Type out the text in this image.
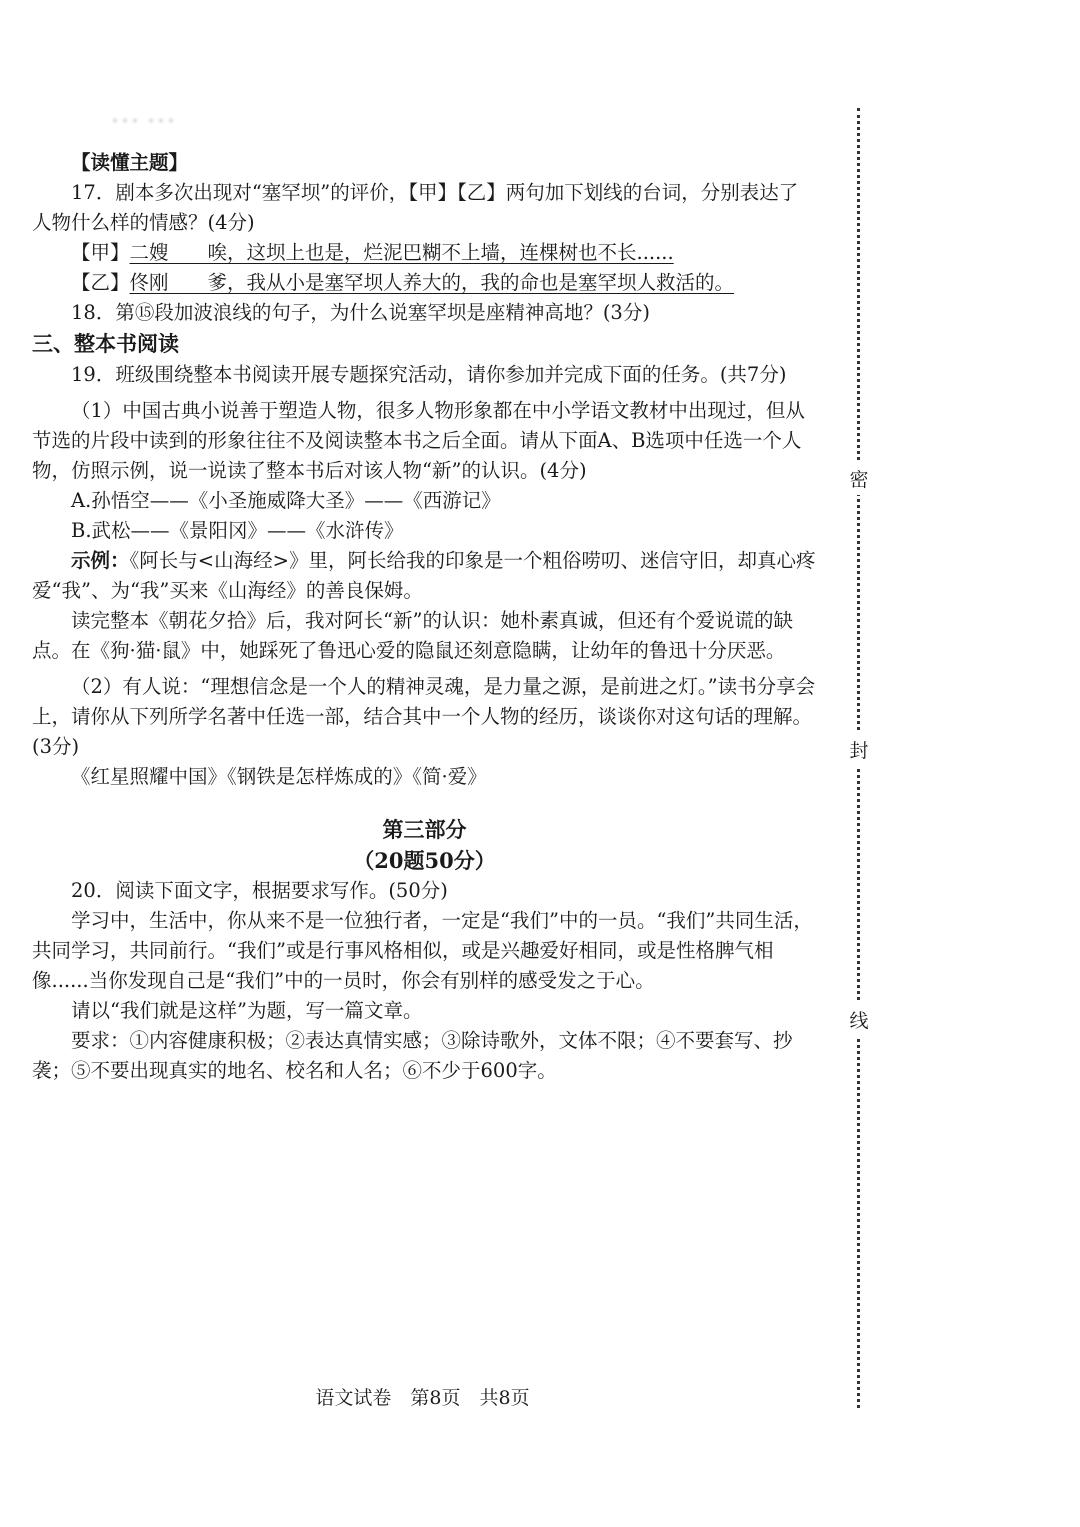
……

【读懂主题】

17．剧本多次出现对“塞罕坝”的评价，【甲】【乙】两句加下划线的台词，分别表达了人物什么样的情感？(4分)

【甲】二嫂　　唉，这坝上也是，烂泥巴糊不上墙，连棵树也不长......

【乙】佟刚　　爹，我从小是塞罕坝人养大的，我的命也是塞罕坝人救活的。

18．第⑮段加波浪线的句子，为什么说塞罕坝是座精神高地？(3分)

三、整本书阅读

19．班级围绕整本书阅读开展专题探究活动，请你参加并完成下面的任务。(共7分)

（1）中国古典小说善于塑造人物，很多人物形象都在中小学语文教材中出现过，但从节选的片段中读到的形象往往不及阅读整本书之后全面。请从下面A、B选项中任选一个人物，仿照示例，说一说读了整本书后对该人物“新”的认识。(4分)

A.孙悟空——《小圣施威降大圣》——《西游记》

B.武松——《景阳冈》——《水浒传》

示例：《阿长与<山海经>》里，阿长给我的印象是一个粗俗唠叨、迷信守旧，却真心疼爱“我”、为“我”买来《山海经》的善良保姆。

读完整本《朝花夕拾》后，我对阿长“新”的认识：她朴素真诚，但还有个爱说谎的缺点。在《狗·猫·鼠》中，她踩死了鲁迅心爱的隐鼠还刻意隐瞒，让幼年的鲁迅十分厌恶。

（2）有人说：“理想信念是一个人的精神灵魂，是力量之源，是前进之灯。”读书分享会上，请你从下列所学名著中任选一部，结合其中一个人物的经历，谈谈你对这句话的理解。(3分)

《红星照耀中国》《钢铁是怎样炼成的》《简·爱》

第三部分

（20题50分）

20．阅读下面文字，根据要求写作。(50分)

学习中，生活中，你从来不是一位独行者，一定是“我们”中的一员。“我们”共同生活，共同学习，共同前行。“我们”或是行事风格相似，或是兴趣爱好相同，或是性格脾气相像......当你发现自己是“我们”中的一员时，你会有别样的感受发之于心。

请以“我们就是这样”为题，写一篇文章。

要求：①内容健康积极；②表达真情实感；③除诗歌外，文体不限；④不要套写、抄袭；⑤不要出现真实的地名、校名和人名；⑥不少于600字。

语文试卷　第8页　共8页
密
封
线
